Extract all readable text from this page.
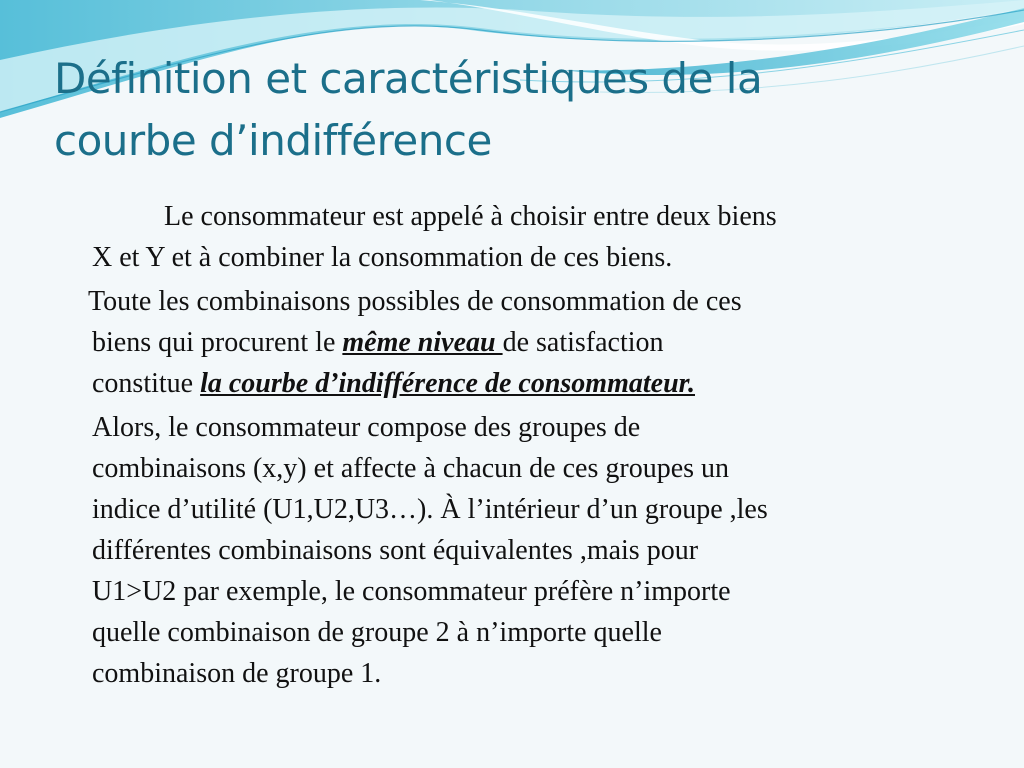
Définition et caractéristiques de la
courbe d’indifférence
Le consommateur est appelé à choisir entre deux biens
X et Y et à combiner la consommation de ces biens.
Toute les combinaisons possibles de consommation de ces
biens qui procurent le même niveau de satisfaction
constitue la courbe d’indifférence de consommateur.
Alors, le consommateur compose des groupes de
combinaisons (x,y) et affecte à chacun de ces groupes un
indice d’utilité (U1,U2,U3…). À l’intérieur d’un groupe ,les
différentes combinaisons sont équivalentes ,mais pour
U1>U2 par exemple, le consommateur préfère n’importe
quelle combinaison de groupe 2 à n’importe quelle
combinaison de groupe 1.
